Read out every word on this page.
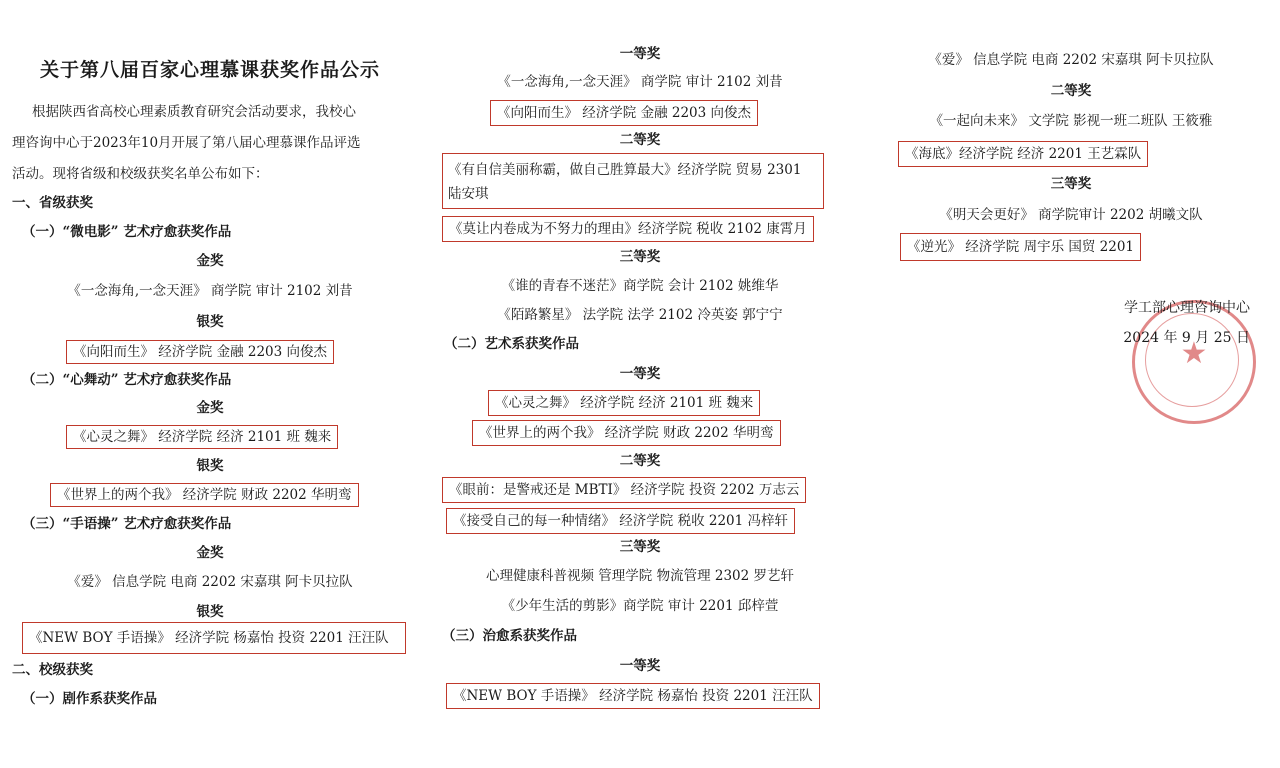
关于第八届百家心理慕课获奖作品公示
根据陕西省高校心理素质教育研究会活动要求，我校心
理咨询中心于2023年10月开展了第八届心理慕课作品评选
活动。现将省级和校级获奖名单公布如下：
一、省级获奖
（一）“微电影” 艺术疗愈获奖作品
金奖
《一念海角,一念天涯》 商学院 审计 2102 刘昔
银奖
《向阳而生》 经济学院 金融 2203 向俊杰
（二）“心舞动” 艺术疗愈获奖作品
金奖
《心灵之舞》 经济学院 经济 2101 班 魏来
银奖
《世界上的两个我》 经济学院 财政 2202 华明鸾
（三）“手语操” 艺术疗愈获奖作品
金奖
《爱》 信息学院 电商 2202 宋嘉琪 阿卡贝拉队
银奖
《NEW BOY 手语操》 经济学院 杨嘉怡 投资 2201 汪汪队
二、校级获奖
（一）剧作系获奖作品
一等奖
《一念海角,一念天涯》 商学院 审计 2102 刘昔
《向阳而生》 经济学院 金融 2203 向俊杰
二等奖
《有自信美丽称霸，做自己胜算最大》经济学院 贸易 2301
陆安琪
《莫让内卷成为不努力的理由》经济学院 税收 2102 康霄月
三等奖
《谁的青春不迷茫》商学院 会计 2102 姚维华
《陌路繁星》 法学院 法学 2102 冷英姿 郭宁宁
（二）艺术系获奖作品
一等奖
《心灵之舞》 经济学院 经济 2101 班 魏来
《世界上的两个我》 经济学院 财政 2202 华明鸾
二等奖
《眼前：是警戒还是 MBTI》 经济学院 投资 2202 万志云
《接受自己的每一种情绪》 经济学院 税收 2201 冯梓轩
三等奖
心理健康科普视频 管理学院 物流管理 2302 罗艺轩
《少年生活的剪影》商学院 审计 2201 邱梓萱
（三）治愈系获奖作品
一等奖
《NEW BOY 手语操》 经济学院 杨嘉怡 投资 2201 汪汪队
《爱》 信息学院 电商 2202 宋嘉琪 阿卡贝拉队
二等奖
《一起向未来》 文学院 影视一班二班队 王筱雅
《海底》经济学院 经济 2201 王艺霖队
三等奖
《明天会更好》 商学院审计 2202 胡曦文队
《逆光》 经济学院 周宇乐 国贸 2201
★
学工部心理咨询中心
2024 年 9 月 25 日
